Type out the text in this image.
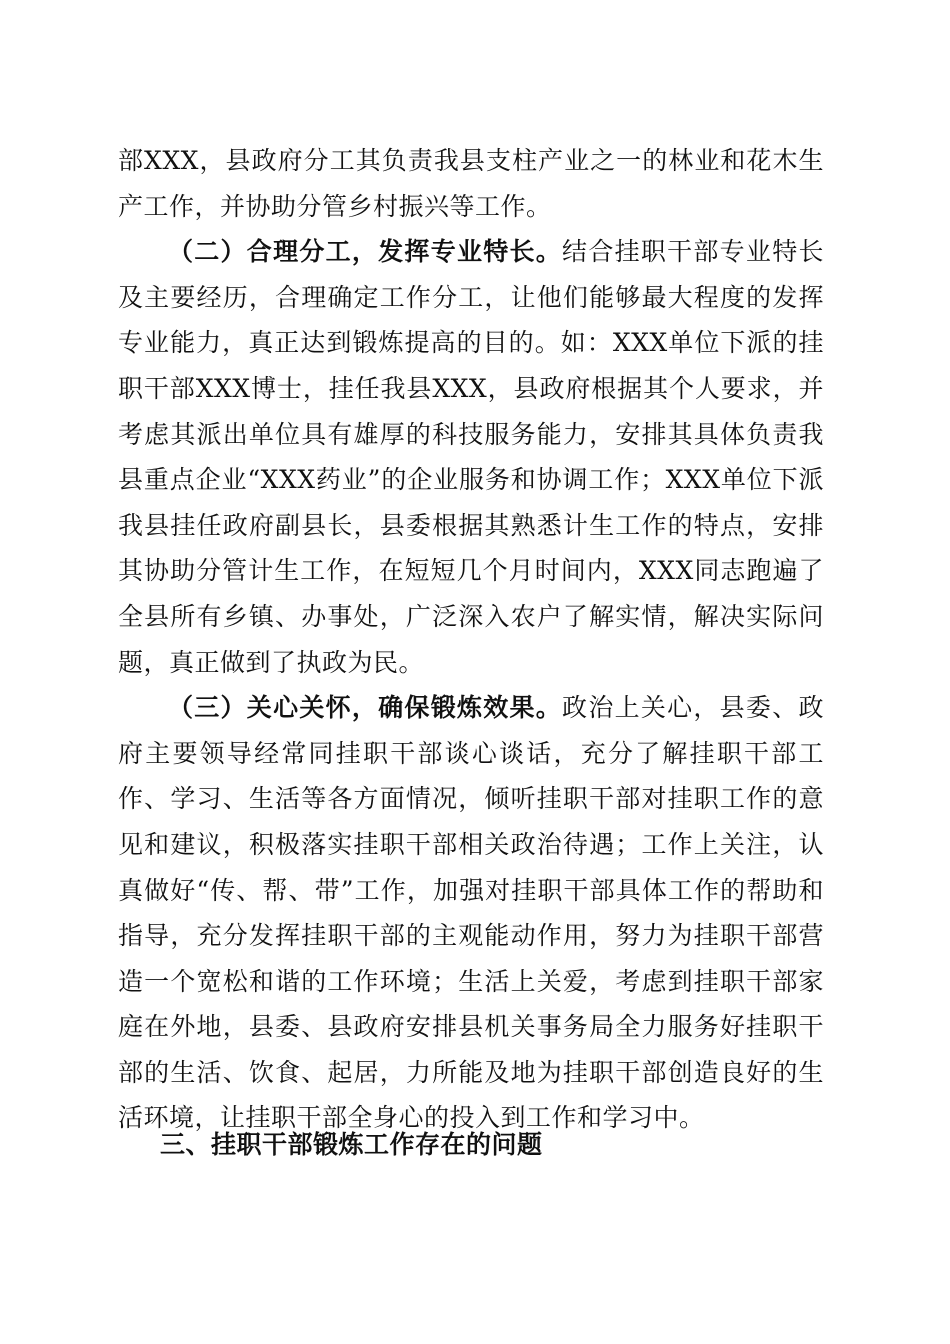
部XXX，县政府分工其负责我县支柱产业之一的林业和花木生产工作，并协助分管乡村振兴等工作。

（二）合理分工，发挥专业特长。结合挂职干部专业特长及主要经历，合理确定工作分工，让他们能够最大程度的发挥专业能力，真正达到锻炼提高的目的。如：XXX单位下派的挂职干部XXX博士，挂任我县XXX，县政府根据其个人要求，并考虑其派出单位具有雄厚的科技服务能力，安排其具体负责我县重点企业“XXX药业”的企业服务和协调工作；XXX单位下派我县挂任政府副县长，县委根据其熟悉计生工作的特点，安排其协助分管计生工作，在短短几个月时间内，XXX同志跑遍了全县所有乡镇、办事处，广泛深入农户了解实情，解决实际问题，真正做到了执政为民。

（三）关心关怀，确保锻炼效果。政治上关心，县委、政府主要领导经常同挂职干部谈心谈话，充分了解挂职干部工作、学习、生活等各方面情况，倾听挂职干部对挂职工作的意见和建议，积极落实挂职干部相关政治待遇；工作上关注，认真做好“传、帮、带”工作，加强对挂职干部具体工作的帮助和指导，充分发挥挂职干部的主观能动作用，努力为挂职干部营造一个宽松和谐的工作环境；生活上关爱，考虑到挂职干部家庭在外地，县委、县政府安排县机关事务局全力服务好挂职干部的生活、饮食、起居，力所能及地为挂职干部创造良好的生活环境，让挂职干部全身心的投入到工作和学习中。

三、挂职干部锻炼工作存在的问题
